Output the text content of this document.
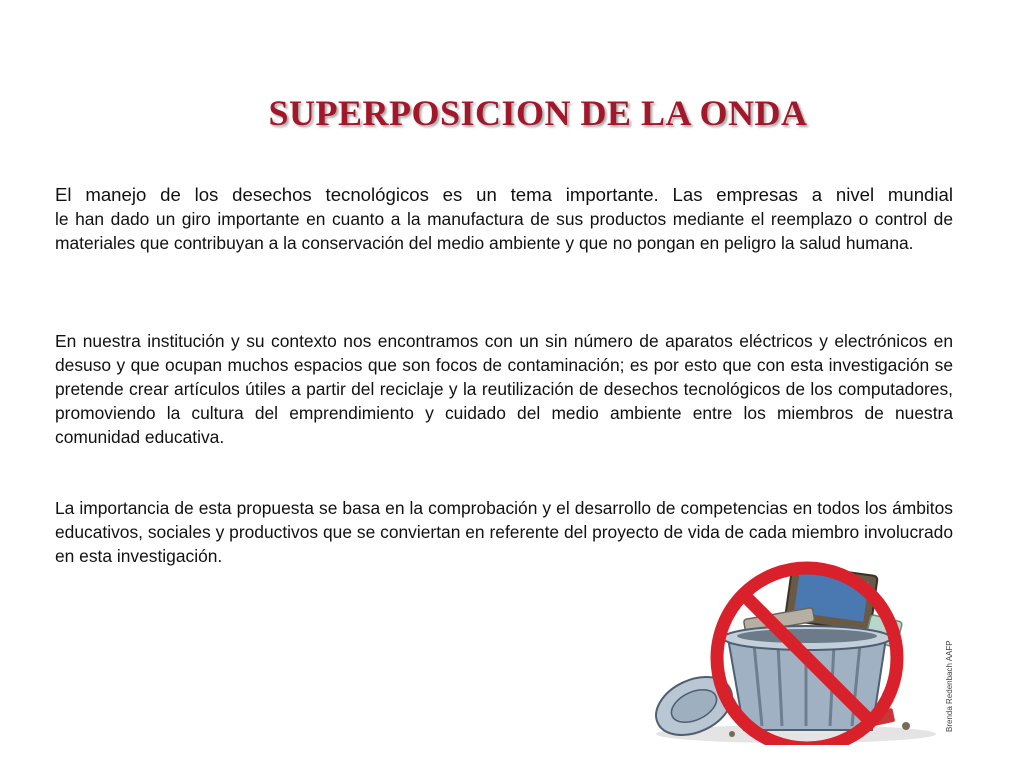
SUPERPOSICION DE LA ONDA

El manejo de los desechos tecnológicos es un tema importante. Las empresas a nivel mundial
le han dado un giro importante en cuanto a la manufactura de sus productos mediante el reemplazo o control de materiales que contribuyan a la conservación del medio ambiente y que no pongan en peligro la salud humana.

En nuestra institución y su contexto nos encontramos con un sin número de aparatos eléctricos y electrónicos en desuso y que ocupan muchos espacios que son focos de contaminación; es por esto que con esta investigación se pretende crear artículos útiles a partir del reciclaje y la reutilización de desechos tecnológicos de los computadores, promoviendo la cultura del emprendimiento y cuidado del medio ambiente entre los miembros de nuestra comunidad educativa.

La importancia de esta propuesta se basa en la comprobación y el desarrollo de competencias en todos los ámbitos educativos, sociales y productivos que se conviertan en referente del proyecto de vida de cada miembro involucrado en esta investigación.

Brenda Redenbach AAFP
